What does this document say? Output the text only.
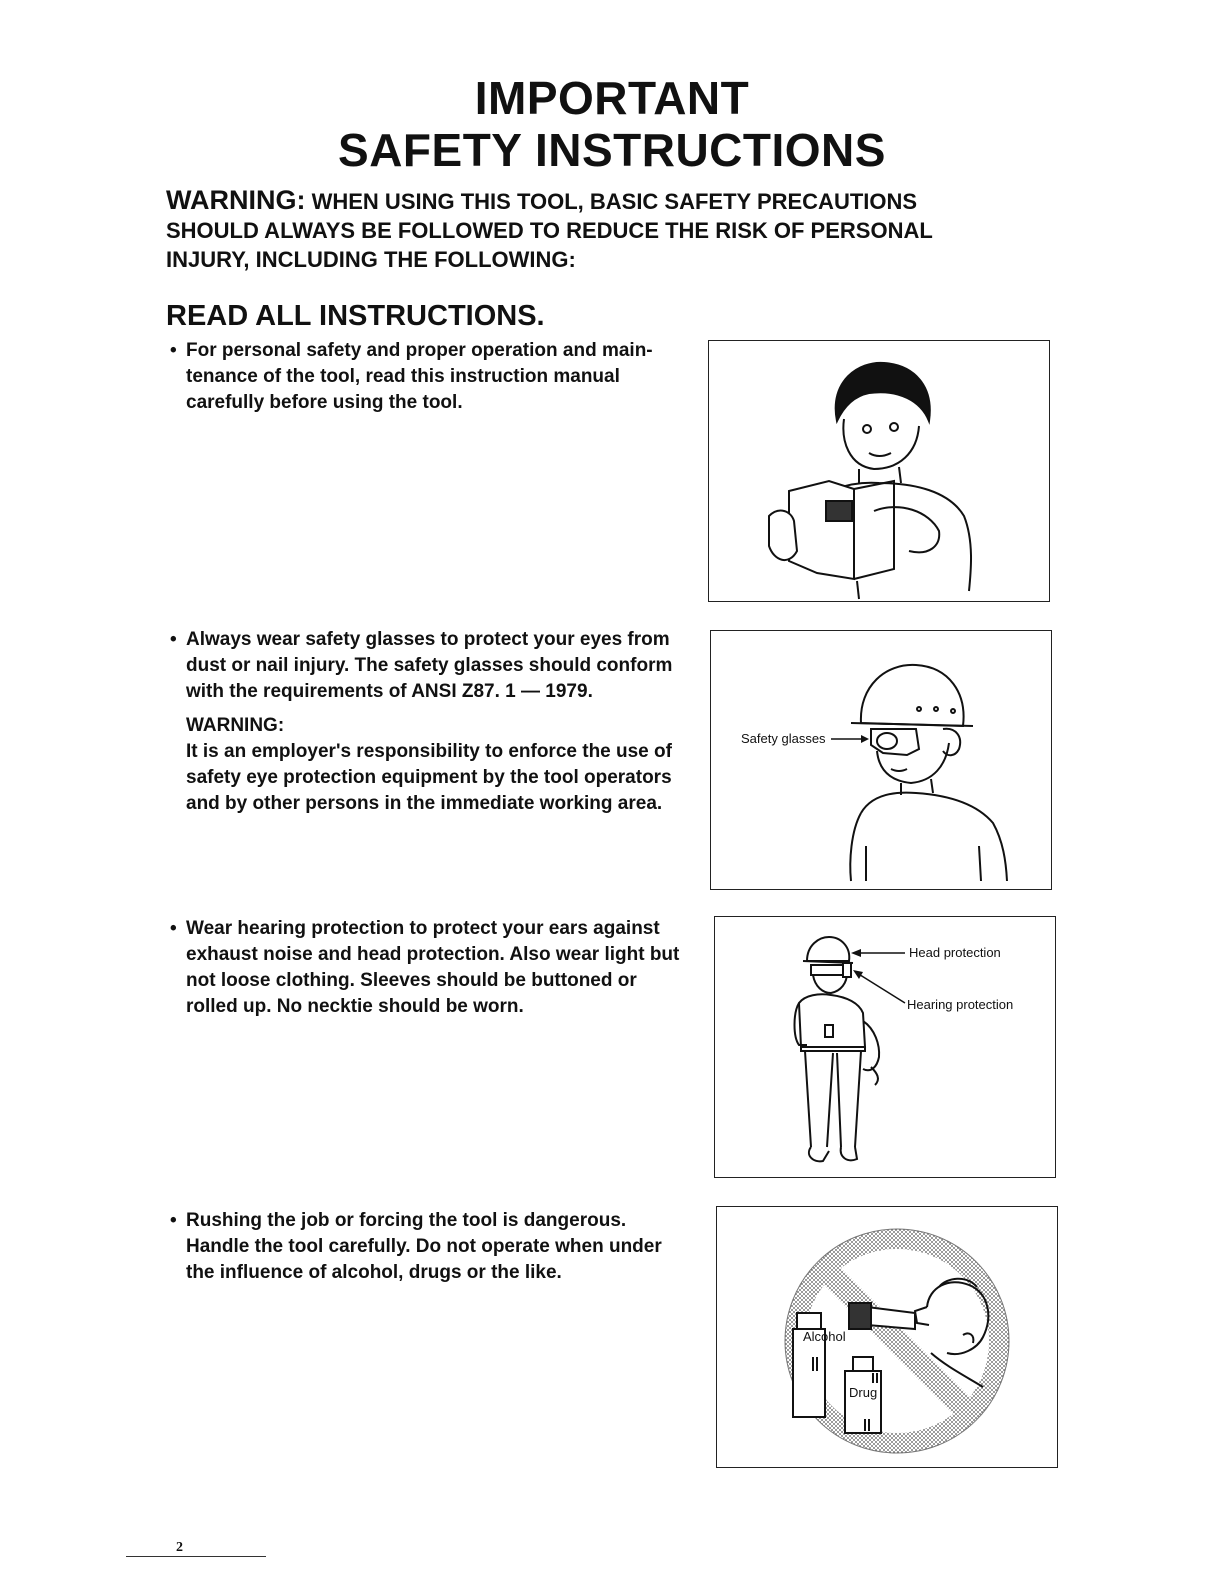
IMPORTANT
SAFETY INSTRUCTIONS
WARNING: WHEN USING THIS TOOL, BASIC SAFETY PRECAUTIONS
SHOULD ALWAYS BE FOLLOWED TO REDUCE THE RISK OF PERSONAL
INJURY, INCLUDING THE FOLLOWING:
READ ALL INSTRUCTIONS.
• For personal safety and proper operation and main-tenance of the tool, read this instruction manual carefully before using the tool.
• Always wear safety glasses to protect your eyes from dust or nail injury. The safety glasses should conform with the requirements of ANSI Z87. 1 — 1979.
WARNING:
It is an employer's responsibility to enforce the use of safety eye protection equipment by the tool operators and by other persons in the immediate working area.
Safety glasses
• Wear hearing protection to protect your ears against exhaust noise and head protection. Also wear light but not loose clothing. Sleeves should be buttoned or rolled up. No necktie should be worn.
Head protection
Hearing protection
• Rushing the job or forcing the tool is dangerous. Handle the tool carefully. Do not operate when under the influence of alcohol, drugs or the like.
Alcohol
Drug
2
